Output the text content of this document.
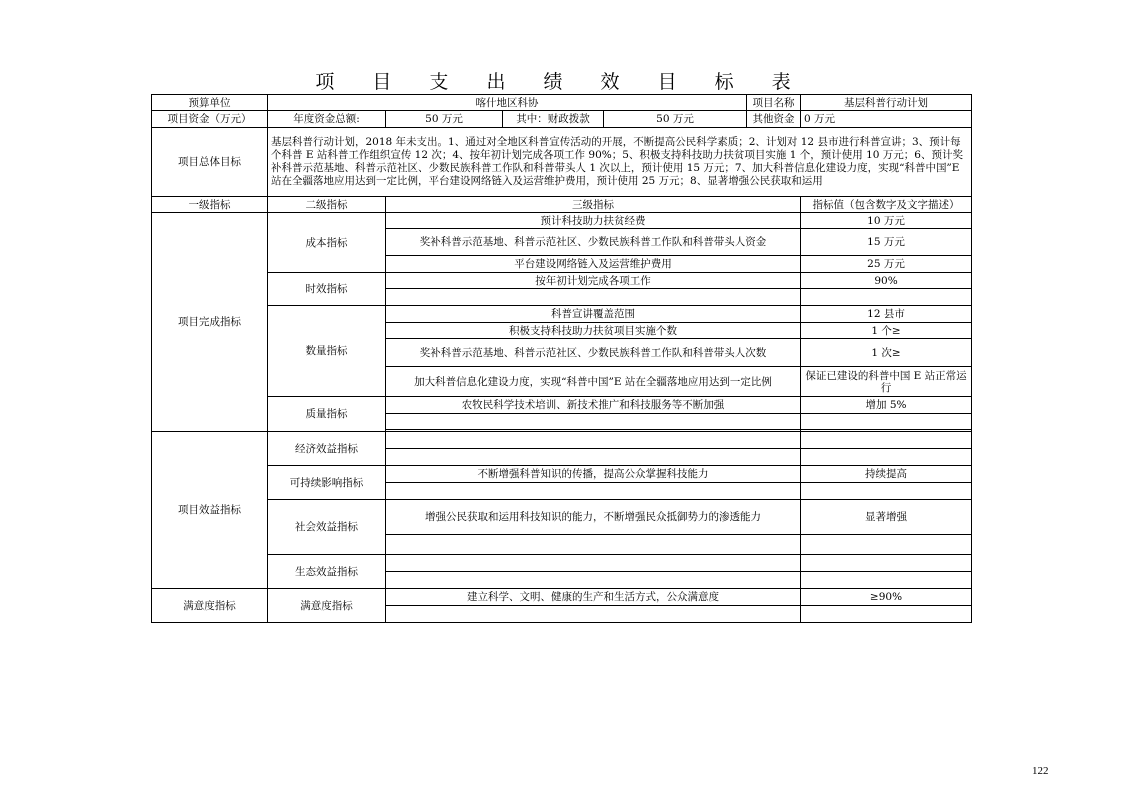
项 目 支 出 绩 效 目 标 表
预算单位	喀什地区科协				项目名称	基层科普行动计划
项目资金（万元）	年度资金总额:	50 万元	其中：财政拨款	50 万元	其他资金	0 万元
项目总体目标	基层科普行动计划，2018 年未支出。1、通过对全地区科普宣传活动的开展，不断提高公民科学素质；2、计划对 12 县市进行科普宣讲；3、预计每个科普 E 站科普工作组织宣传 12 次；4、按年初计划完成各项工作 90%；5、积极支持科技助力扶贫项目实施 1 个，预计使用 10 万元；6、预计奖补科普示范基地、科普示范社区、少数民族科普工作队和科普带头人 1 次以上，预计使用 15 万元；7、加大科普信息化建设力度，实现“科普中国”E 站在全疆落地应用达到一定比例，平台建设网络链入及运营维护费用，预计使用 25 万元；8、显著增强公民获取和运用					
一级指标	二级指标	三级指标				指标值（包含数字及文字描述）
项目完成指标	成本指标	预计科技助力扶贫经费				10 万元
		奖补科普示范基地、科普示范社区、少数民族科普工作队和科普带头人资金				15 万元
		平台建设网络链入及运营维护费用				25 万元
	时效指标	按年初计划完成各项工作				90%

	数量指标	科普宣讲覆盖范围				12 县市
		积极支持科技助力扶贫项目实施个数				1 个≥
		奖补科普示范基地、科普示范社区、少数民族科普工作队和科普带头人次数				1 次≥
		加大科普信息化建设力度，实现“科普中国”E 站在全疆落地应用达到一定比例				保证已建设的科普中国 E 站正常运行
	质量指标	农牧民科学技术培训、新技术推广和科技服务等不断加强				增加 5%

项目效益指标	经济效益指标					

	可持续影响指标	不断增强科普知识的传播，提高公众掌握科技能力				持续提高

	社会效益指标	增强公民获取和运用科技知识的能力，不断增强民众抵御势力的渗透能力				显著增强

	生态效益指标					

满意度指标	满意度指标	建立科学、文明、健康的生产和生活方式，公众满意度				≥90%

122
